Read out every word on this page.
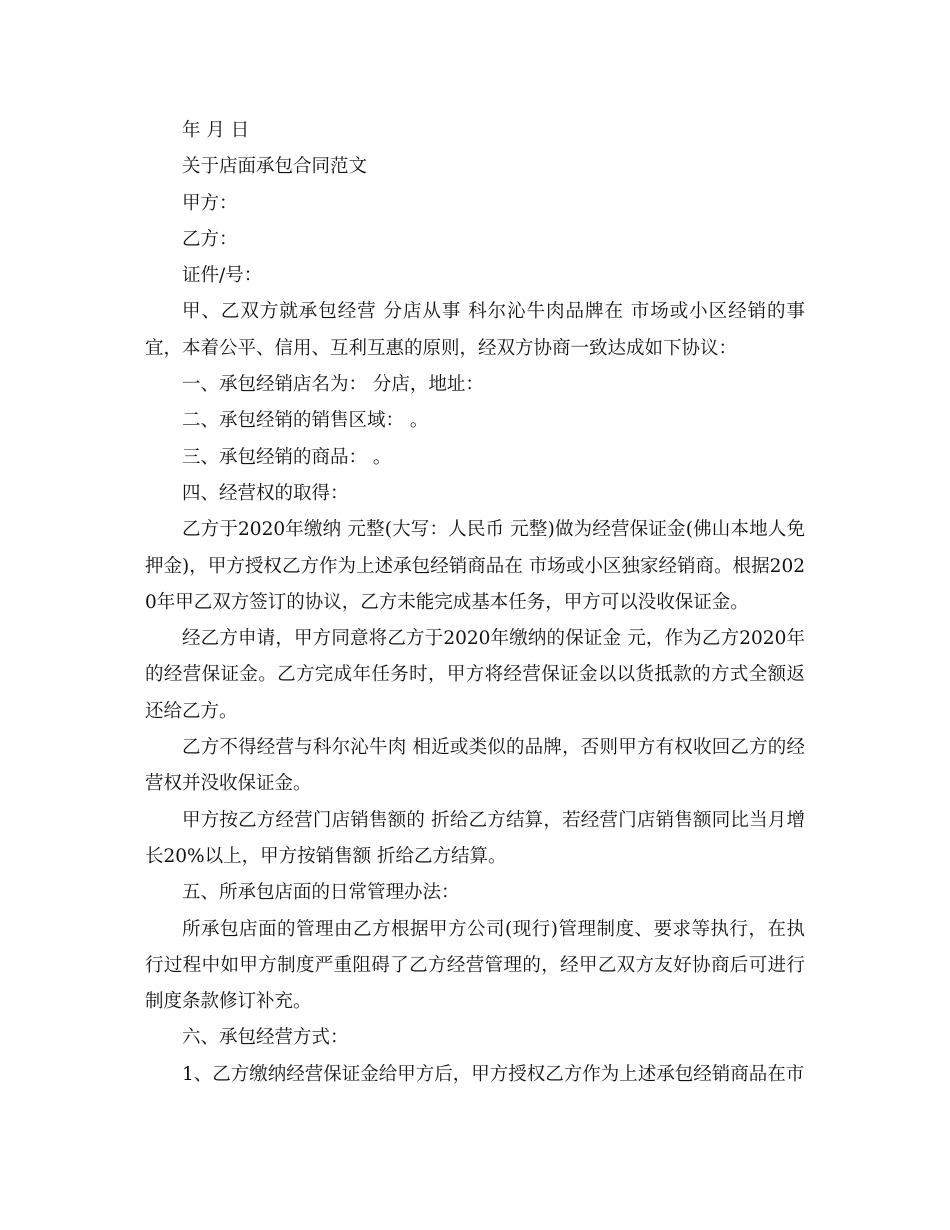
年 月 日

关于店面承包合同范文

甲方：

乙方：

证件/号：

甲、乙双方就承包经营 分店从事 科尔沁牛肉品牌在 市场或小区经销的事宜，本着公平、信用、互利互惠的原则，经双方协商一致达成如下协议：

一、承包经销店名为： 分店，地址：

二、承包经销的销售区域： 。

三、承包经销的商品： 。

四、经营权的取得：

乙方于2020年缴纳 元整(大写：人民币 元整)做为经营保证金(佛山本地人免押金)，甲方授权乙方作为上述承包经销商品在 市场或小区独家经销商。根据2020年甲乙双方签订的协议，乙方未能完成基本任务，甲方可以没收保证金。

经乙方申请，甲方同意将乙方于2020年缴纳的保证金 元，作为乙方2020年的经营保证金。乙方完成年任务时，甲方将经营保证金以以货抵款的方式全额返还给乙方。

乙方不得经营与科尔沁牛肉 相近或类似的品牌，否则甲方有权收回乙方的经营权并没收保证金。

甲方按乙方经营门店销售额的 折给乙方结算，若经营门店销售额同比当月增长20%以上，甲方按销售额 折给乙方结算。

五、所承包店面的日常管理办法：

所承包店面的管理由乙方根据甲方公司(现行)管理制度、要求等执行，在执行过程中如甲方制度严重阻碍了乙方经营管理的，经甲乙双方友好协商后可进行制度条款修订补充。

六、承包经营方式：

1、乙方缴纳经营保证金给甲方后，甲方授权乙方作为上述承包经销商品在市
